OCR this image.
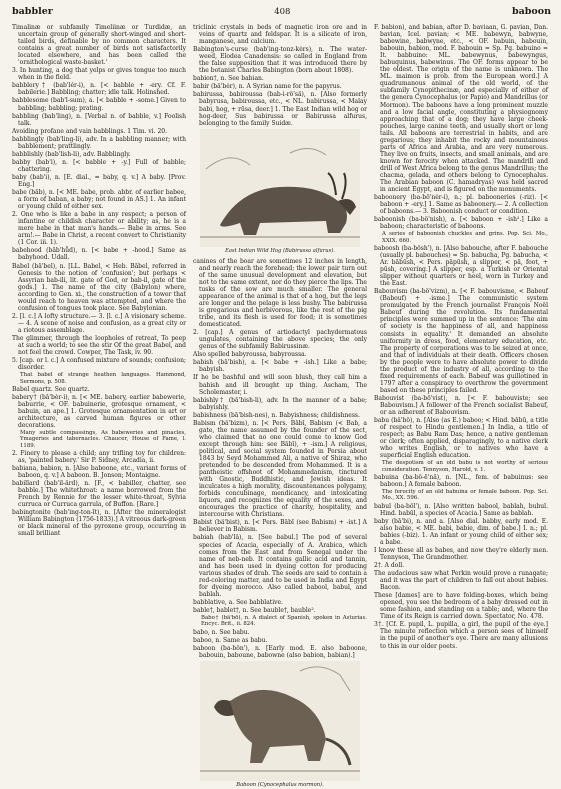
babbler	408	baboon

Timalinæ or subfamily Timeliinæ or Turdidæ, an uncertain group of generally short-winged and short-tailed birds, definable by no common characters. It contains a great number of birds not satisfactorily located elsewhere, and has been called the 'ornithological waste-basket.'

3. In hunting, a dog that yelps or gives tongue too much when in the field.

babblery† (bab'lėr-i), n. [< babble + -ery. Cf. F. babilerie.] Babbling; chatter; idle talk. Holinshed.

babblesome (bab'l-sum), a. [< babble + -some.] Given to babbling; babbling; prating.

babbling (bab'ling), n. [Verbal n. of babble, v.] Foolish talk.

Avoiding profane and vain babblings. 1 Tim. vi. 20.

babblingly (bab'ling-li), adv. In a babbling manner; with babblement; prattlingly.

babblishly (bab'lish-li), adv. Babblingly.

babby (bab'i), n. [< babble + -y.] Full of babble; chattering.

baby (bab'i), n. [E. dial., = baby, q. v.] A baby. [Prov. Eng.]

babe (bāb), n. [< ME. babe, prob. abbr. of earlier babee, a form of baban, a baby; not found in AS.] 1. An infant or young child of either sex.

2. One who is like a babe in any respect; a person of infantine or childish character or ability; as, he is a mere babe in that man's hands.— Babe in arms. See arm!.— Babe in Christ, a recent convert to Christianity (1 Cor. iii. 1).

babehood (bāb'hůd), n. [< babe + -hood.] Same as babyhood. Udall.

Babel (bā'bel), n. [LL. Babel, < Heb. Bābel, referred in Genesis to the notion of 'confusion'; but perhaps < Assyrian bab-ili, lit. gate of God, or bab-il, gate of the gods.] 1. The name of the city (Babylon) where, according to Gen. xi., the construction of a tower that would reach to heaven was attempted, and where the confusion of tongues took place. See Babylonian.

2. [l. c.] A lofty structure.— 3. [l. c.] A visionary scheme.— 4. A scene of noise and confusion, as a great city or a riotous assemblage.

The glimmer, through the loopholes of retreat, To peep at such a world; to see the stir Of the great Babel, and not feel the crowd. Cowper, The Task, iv. 90.

5. [cap. or l. c.] A confused mixture of sounds; confusion; disorder.

That babel of strange heathen languages. Hammond, Sermons, p. 508.

Babel quartz. See quartz.

babery† (bā'bėr-i), n. [< ME. babery, earlier babewerie, baburrie, < OF. babuinerie, grotesque ornament, < babuin, an ape.] 1. Grotesque ornamentation in art or architecture, as carved human figures or other decorations.

Many subtle compassings, As babeweries and pinacles, Ymageries and tabernacles. Chaucer, House of Fame, l. 1189.

2. Finery to please a child; any trifling toy for children: as, 'painted babery.' Sir P. Sidney, Arcadia, ii.

babiana, babion, n. [Also baboone, etc., variant forms of baboon, q. v.] A baboon. B. Jonson; Montaigne.

babillard (bab'il-ärd), n. [F., < babiller, chatter, see babble.] The whitethroat: a name borrowed from the French by Rennie for the lesser white-throat, Sylvia curruca or Curruca garrula, of Buffon. [Rare.]

babingtonite (bab'ing-ton-īt), n. [After the mineralogist William Babington (1756-1833).] A vitreous dark-green or black mineral of the pyroxene group, occurring in small brilliant

triclinic crystals in beds of magnetic iron ore and in veins of quartz and feldspar. It is a silicate of iron, manganese, and calcium.

Babington's-curse (bab'ing-tonz-kėrs), n. The water-weed, Elodea Canadensis: so called in England from the false supposition that it was introduced there by the botanist Charles Babington (born about 1808).

babion†, n. See babian.

babir (bä'bėr), n. A Syrian name for the papyrus.

babirussa, babiroussa (bab-i-rö'sä), n. [Also formerly babyrusa, babiroussa, etc., < NL. babirussa, < Malay babi, hog, + rūsa, deer.] 1. The East Indian wild hog or hog-deer, Sus babirussa or Babirussa alfurus, belonging to the family Suidæ.

East Indian Wild Hog (Babirussa alfurus).

canines of the boar are sometimes 12 inches in length, and nearly reach the forehead; the lower pair turn out of the same unusual development and elevation, but not to the same extent, nor do they pierce the lips. The tusks of the sow are much smaller. The general appearance of the animal is that of a hog, but the legs are longer and the pelage is less bushy. The babirussa is gregarious and herbivorous, like the rest of the pig tribe, and its flesh is used for food; it is sometimes domesticated.

2. [cap.] A genus of artiodactyl pachydermatous ungulates, containing the above species; the only genus of the subfamily Babirussinæ.

Also spelled babyroussa, babyroussa.

babish (bā'bish), a. [< babe + -ish.] Like a babe; babyish.

If he be bashful and will soon blush, they call him a babish and ill brought up thing. Ascham, The Scholemaster, i.

babishly† (bā'bish-li), adv. In the manner of a babe; babyishly.

babishness (bā'bish-nes), n. Babyishness; childishness.

Babism (bä'bizm), n. [< Pers. Bābī, Babism (< Bab, a gate, the name assumed by the founder of the sect, who claimed that no one could come to know God except through him: see Bābī), + -ism.] A religious, political, and social system founded in Persia about 1843 by Seyd Mohammed Ali, a native of Shiraz, who pretended to be descended from Mohammed. It is a pantheistic offshoot of Mohammedanism, tinctured with Gnostic, Buddhistic, and Jewish ideas. It inculcates a high morality, discountenances polygamy, forbids concubinage, mendicancy, and intoxicating liquors, and recognizes the equality of the sexes, and encourages the practice of charity, hospitality, and intercourse with Christians.

Babist (bä'bist), n. [< Pers. Bābī (see Babism) + -ist.] A believer in Babism.

babiah (bab'lä), n. [See babul.] The pod of several species of Acacia, especially of A. Arabica, which comes from the East and from Senegal under the name of neb-neb. It contains gallic acid and tannin, and has been used in dyeing cotton for producing various shades of drab. The seeds are said to contain a red-coloring matter, and to be used in India and Egypt for dyeing morocco. Also called babool, babul, and bablah.

babblative, a. See babblative.

bable†, bablet†, n. See bauble†, bauble².

Babo† (bä'bō), n. A dialect of Spanish, spoken in Asturias. Encyc. Brit., ii. 824.

babo, n. See babu.

baboo, n. Same as babu.

baboon (ba-bön'), n. [Early mod. E. also baboone, babouin, baboune, babowne (also babion, babian).]

Baboon (Cynocephalus mormon).

F. babion), and babian, after D. baviaan, G. pavian, Dan. bavian, Icel. pavian; < ME. babewyn, babwyne, babewine, babwyne, etc., < OF. babuin, babouin, babouin, babion, mod. F. babouin = Sp. Pg. babuino = It. babbuino: ML. babewynus, babewyngus, babuquinus, babewinus. The OF. forms appear to be the oldest. The origin of the name is unknown. The ML. maimon is prob. from the European word.] A quadrumanous animal of the old world, of the subfamily Cynopithecinæ, and especially of either of the genera Cynocephalus (or Papio) and Mandrillus (or Mormon). The baboons have a long prominent muzzle and a low facial angle, constituting a physiognomy approaching that of a dog; they have large cheek-pouches, large canine teeth, and usually short or long tails. All baboons are terrestrial in habits, and are gregarious; they inhabit the rocky and mountainous parts of Africa and Arabia, and are very numerous. They live on fruits, insects, and small animals, and are known for ferocity when attacked. The mandrill and drill of West Africa belong to the genus Mandrillus; the chacma, gelada, and others belong to Cynocephalus. The Arabian baboon (C. hamadryas) was held sacred in ancient Egypt, and is figured on the monuments.

baboonery (ba-bö'nėr-i), n.; pl. babooneries (-riz). [< baboon + -ery.] 1. Same as baboonery.— 2. A collection of baboons.— 3. Baboonish conduct or condition.

baboonish (ba-bö'nish), a. [< baboon + -ish².] Like a baboon; characteristic of baboons.

A series of baboonish chuckles and grins. Pop. Sci. Mo., XXIX. 660.

baboosh (ba-bösh'), n. [Also babouche, after F. babouche (usually pl. babouches) = Sp. babucha, Pg. babucha, < Ar. bābūsh, < Pers. pāpūsh, a slipper, < pā, foot, + pūsh, covering.] A slipper, esp. a Turkish or Oriental slipper without quarters or heel, worn in Turkey and the East.

Babouvism (ba-bö'vizm), n. [< F. babouvisme, < Babeuf (Babouf) + -isme.] The communistic system promulgated by the French journalist François Noël Babeuf during the revolution. Its fundamental principles were summed up in the sentence: 'The aim of society is the happiness of all, and happiness consists in equality.' It demanded an absolute uniformity in dress, food, elementary education, etc. The property of corporations was to be seized at once, and that of individuals at their death. Officers chosen by the people were to have absolute power to divide the product of the industry of all, according to the fixed requirements of each. Babeuf was guillotined in 1797 after a conspiracy to overthrow the government based on these principles failed.

Babouvist (ba-bö'vist), n. [< F. babouviste; see Babouvism.] A follower of the French socialist Babeuf, or an adherent of Babouvism.

babu (bä'bö), n. [Also (as E.) baboo; < Hind. bābū, a title of respect to Hindu gentlemen.] In India, a title of respect; as Babu Ram Das; hence, a native gentleman or clerk; often applied, disparagingly, to a native clerk who writes English, or to natives who have a superficial English education.

The despotism of an old babu is not worthy of serious consideration. Tennyson, Harold, v. 1.

babuina (ba-bö-ē'nä), n. [NL., fem. of babuinus: see baboon.] A female baboon.

The ferocity of an old babuina or female baboon. Pop. Sci. Mo., XX. 596.

babul (ba-böl'), n. [Also written babool, bablah, bubul. Hind. babūl, a species of Acacia.] Same as bablah.

baby (bā'bi), n. and a. [Also dial. babby, early mod. E. also babie, < ME. babi, babie, dim. of babe.] I. n.; pl. babies (-biz). 1. An infant or young child of either sex; a babe.

I know these all as babes, and now they're elderly men. Tennyson, The Grandmother.

2†. A doll.

The audacious saw what Perkin would prove a runagate; and it was the part of children to fall out about babies. Bacon.

These [dames] are to have folding-boxes, which being opened, you see the bedroom of a baby dressed out in some fashion, and standing on a table; and, where the Time of its Reign is carried down. Spectator, No. 478.

3†. [Cf. E. pupil, L. pupilla, a girl, the pupil of the eye.] The minute reflection which a person sees of himself in the pupil of another's eye. There are many allusions to this in our older poets.
